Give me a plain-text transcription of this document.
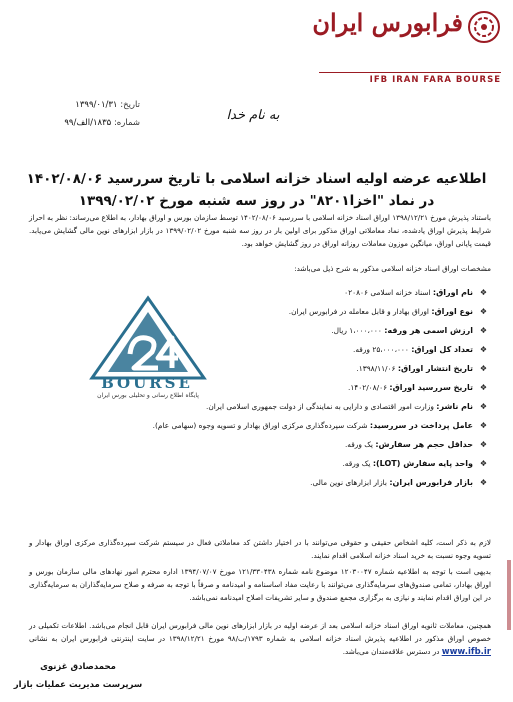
فرابورس ایران
IFB IRAN FARA BOURSE
تاریخ: ۱۳۹۹/۰۱/۳۱
شماره: ۱۸۳۵/الف/۹۹	به نام خدا
اطلاعیه عرضه اولیه اسناد خزانه اسلامی با تاریخ سررسید ۱۴۰۲/۰۸/۰۶
در نماد "اخزا۸۲۰۱" در روز سه شنبه مورخ ۱۳۹۹/۰۲/۰۲
باستناد پذیرش مورخ ۱۳۹۸/۱۲/۲۱ اوراق اسناد خزانه اسلامی با سررسید ۱۴۰۲/۰۸/۰۶ توسط سازمان بورس و اوراق بهادار، به اطلاع می‌رساند: نظر به احراز شرایط پذیرش اوراق یادشده، نماد معاملاتی اوراق مذکور برای اولین بار در روز سه شنبه مورخ ۱۳۹۹/۰۲/۰۲ در بازار ابزارهای نوین مالی گشایش می‌یابد. قیمت پایانی اوراق، میانگین موزون معاملات روزانه اوراق در روز گشایش خواهد بود.
مشخصات اوراق اسناد خزانه اسلامی مذکور به شرح ذیل می‌باشد:
❖نام اوراق: اسناد خزانه اسلامی ۰۲۰۸۰۶
❖نوع اوراق: اوراق بهادار و قابل معامله در فرابورس ایران.
❖ارزش اسمی هر ورقه: ۱،۰۰۰،۰۰۰ ریال.
❖تعداد کل اوراق: ۲۵،۰۰۰،۰۰۰ ورقه.
❖تاریخ انتشار اوراق: ۱۳۹۸/۱۱/۰۶.
❖تاریخ سررسید اوراق: ۱۴۰۲/۰۸/۰۶.
❖نام ناشر: وزارت امور اقتصادی و دارایی به نمایندگی از دولت جمهوری اسلامی ایران.
❖عامل پرداخت در سررسید: شرکت سپرده‌گذاری مرکزی اوراق بهادار و تسویه وجوه (سهامی عام).
❖حداقل حجم هر سفارش: یک ورقه.
❖واحد پایه سفارش (LOT): یک ورقه.
❖بازار فرابورس ایران: بازار ابزارهای نوین مالی.
BOURSE
پایگاه اطلاع رسانی و تحلیلی بورس ایران
لازم به ذکر است، کلیه اشخاص حقیقی و حقوقی می‌توانند با در اختیار داشتن کد معاملاتی فعال در سیستم شرکت سپرده‌گذاری مرکزی اوراق بهادار و تسویه وجوه نسبت به خرید اسناد خزانه اسلامی اقدام نمایند.
بدیهی است با توجه به اطلاعیه شماره ۱۲۰۳۰۰۴۷ موضوع نامه شماره ۱۲۱/۳۳۰۴۳۸ مورخ ۱۳۹۴/۰۷/۰۷ اداره محترم امور نهادهای مالی سازمان بورس و اوراق بهادار، تمامی صندوق‌های سرمایه‌گذاری می‌توانند با رعایت مفاد اساسنامه و امیدنامه و صرفاً با توجه به صرفه و صلاح سرمایه‌گذاران به سرمایه‌گذاری در این اوراق اقدام نمایند و نیازی به برگزاری مجمع صندوق و سایر تشریفات اصلاح امیدنامه نمی‌باشد.
همچنین، معاملات ثانویه اوراق اسناد خزانه اسلامی بعد از عرضه اولیه در بازار ابزارهای نوین مالی فرابورس ایران قابل انجام می‌باشد. اطلاعات تکمیلی در خصوص اوراق مذکور در اطلاعیه پذیرش اسناد خزانه اسلامی به شماره ۱۷۹۳/ب/۹۸ مورخ ۱۳۹۸/۱۲/۲۱ در سایت اینترنتی فرابورس ایران به نشانی www.ifb.ir در دسترس علاقه‌مندان می‌باشد.
محمدصادق غزنوی
سرپرست مدیریت عملیات بازار
